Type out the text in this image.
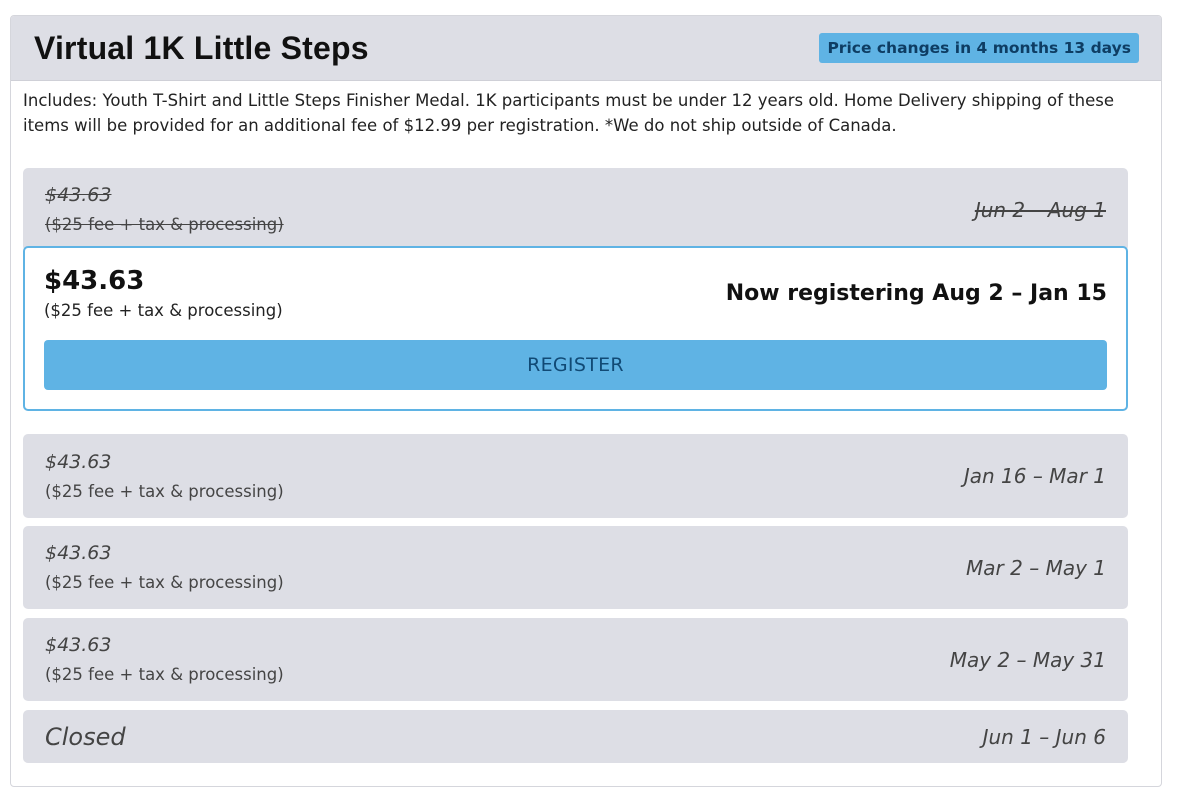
Virtual 1K Little Steps	Price changes in 4 months 13 days

Includes: Youth T-Shirt and Little Steps Finisher Medal. 1K participants must be under 12 years old. Home Delivery shipping of these items will be provided for an additional fee of $12.99 per registration. *We do not ship outside of Canada.

$43.63
($25 fee + tax & processing)
Jun 2 – Aug 1
$43.63
($25 fee + tax & processing)
Now registering Aug 2 – Jan 15
REGISTER
$43.63
($25 fee + tax & processing)
Jan 16 – Mar 1
$43.63
($25 fee + tax & processing)
Mar 2 – May 1
$43.63
($25 fee + tax & processing)
May 2 – May 31
Closed	Jun 1 – Jun 6
